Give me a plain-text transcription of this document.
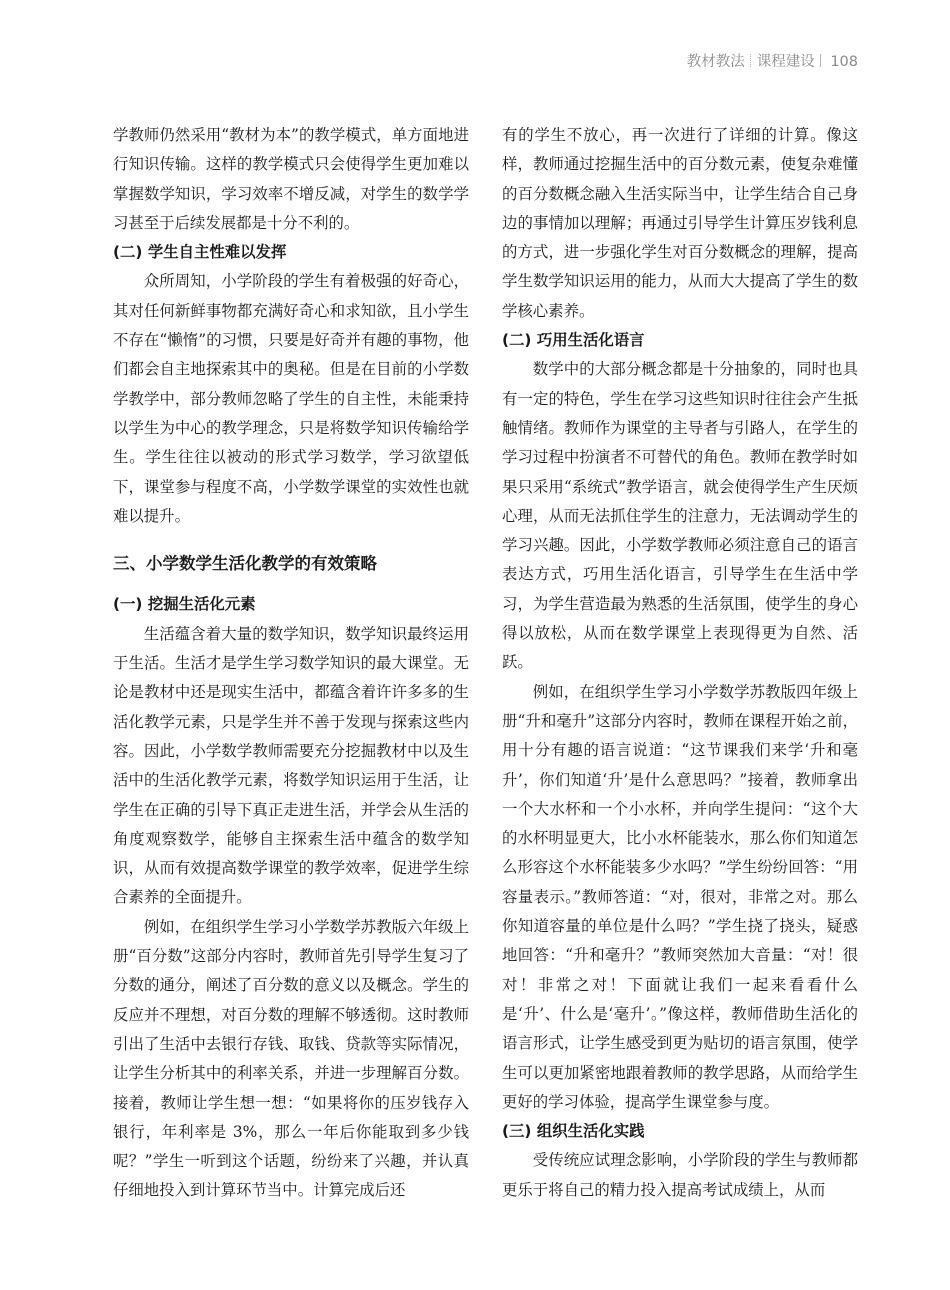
教材教法 课程建设 108

学教师仍然采用“教材为本”的教学模式，单方面地进行知识传输。这样的教学模式只会使得学生更加难以掌握数学知识，学习效率不增反减，对学生的数学学习甚至于后续发展都是十分不利的。

(二) 学生自主性难以发挥

众所周知，小学阶段的学生有着极强的好奇心，其对任何新鲜事物都充满好奇心和求知欲，且小学生不存在“懒惰”的习惯，只要是好奇并有趣的事物，他们都会自主地探索其中的奥秘。但是在目前的小学数学教学中，部分教师忽略了学生的自主性，未能秉持以学生为中心的教学理念，只是将数学知识传输给学生。学生往往以被动的形式学习数学，学习欲望低下，课堂参与程度不高，小学数学课堂的实效性也就难以提升。

三、小学数学生活化教学的有效策略
(一) 挖掘生活化元素

生活蕴含着大量的数学知识，数学知识最终运用于生活。生活才是学生学习数学知识的最大课堂。无论是教材中还是现实生活中，都蕴含着许许多多的生活化教学元素，只是学生并不善于发现与探索这些内容。因此，小学数学教师需要充分挖掘教材中以及生活中的生活化教学元素，将数学知识运用于生活，让学生在正确的引导下真正走进生活，并学会从生活的角度观察数学，能够自主探索生活中蕴含的数学知识，从而有效提高数学课堂的教学效率，促进学生综合素养的全面提升。

例如，在组织学生学习小学数学苏教版六年级上册“百分数”这部分内容时，教师首先引导学生复习了分数的通分，阐述了百分数的意义以及概念。学生的反应并不理想，对百分数的理解不够透彻。这时教师引出了生活中去银行存钱、取钱、贷款等实际情况，让学生分析其中的利率关系，并进一步理解百分数。接着，教师让学生想一想：“如果将你的压岁钱存入银行，年利率是 3%，那么一年后你能取到多少钱呢？”学生一听到这个话题，纷纷来了兴趣，并认真仔细地投入到计算环节当中。计算完成后还

有的学生不放心，再一次进行了详细的计算。像这样，教师通过挖掘生活中的百分数元素，使复杂难懂的百分数概念融入生活实际当中，让学生结合自己身边的事情加以理解；再通过引导学生计算压岁钱利息的方式，进一步强化学生对百分数概念的理解，提高学生数学知识运用的能力，从而大大提高了学生的数学核心素养。

(二) 巧用生活化语言

数学中的大部分概念都是十分抽象的，同时也具有一定的特色，学生在学习这些知识时往往会产生抵触情绪。教师作为课堂的主导者与引路人，在学生的学习过程中扮演者不可替代的角色。教师在教学时如果只采用“系统式”教学语言，就会使得学生产生厌烦心理，从而无法抓住学生的注意力，无法调动学生的学习兴趣。因此，小学数学教师必须注意自己的语言表达方式，巧用生活化语言，引导学生在生活中学习，为学生营造最为熟悉的生活氛围，使学生的身心得以放松，从而在数学课堂上表现得更为自然、活跃。

例如，在组织学生学习小学数学苏教版四年级上册“升和毫升”这部分内容时，教师在课程开始之前，用十分有趣的语言说道：“这节课我们来学‘升和毫升’，你们知道‘升’是什么意思吗？”接着，教师拿出一个大水杯和一个小水杯，并向学生提问：“这个大的水杯明显更大，比小水杯能装水，那么你们知道怎么形容这个水杯能装多少水吗？”学生纷纷回答：“用容量表示。”教师答道：“对，很对，非常之对。那么你知道容量的单位是什么吗？”学生挠了挠头，疑惑地回答：“升和毫升？”教师突然加大音量：“对！很对！非常之对！下面就让我们一起来看看什么是‘升’、什么是‘毫升’。”像这样，教师借助生活化的语言形式，让学生感受到更为贴切的语言氛围，使学生可以更加紧密地跟着教师的教学思路，从而给学生更好的学习体验，提高学生课堂参与度。

(三) 组织生活化实践

受传统应试理念影响，小学阶段的学生与教师都更乐于将自己的精力投入提高考试成绩上，从而
